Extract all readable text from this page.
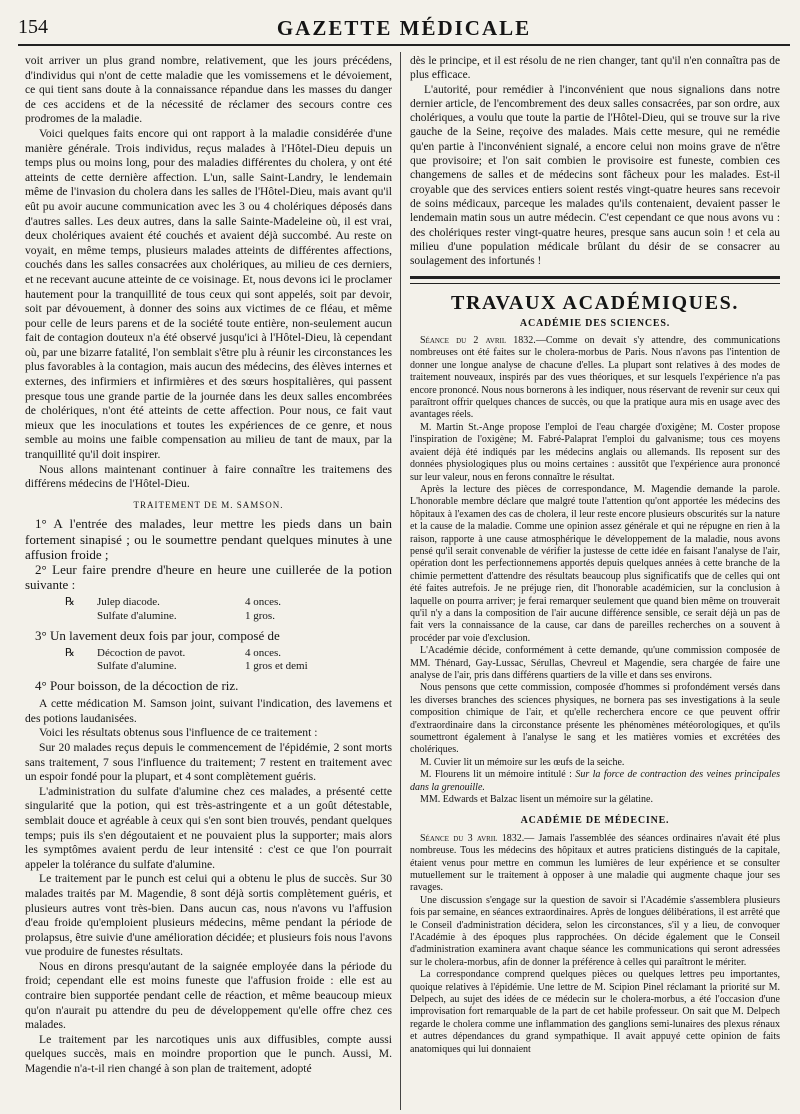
154	GAZETTE MÉDICALE

voit arriver un plus grand nombre, relativement, que les jours précédens, d'individus qui n'ont de cette maladie que les vomissemens et le dévoiement, ce qui tient sans doute à la connaissance répandue dans les masses du danger de ces accidens et de la nécessité de réclamer des secours contre ces prodromes de la maladie.

Voici quelques faits encore qui ont rapport à la maladie considérée d'une manière générale. Trois individus, reçus malades à l'Hôtel-Dieu depuis un temps plus ou moins long, pour des maladies différentes du cholera, y ont été atteints de cette dernière affection. L'un, salle Saint-Landry, le lendemain même de l'invasion du cholera dans les salles de l'Hôtel-Dieu, mais avant qu'il eût pu avoir aucune communication avec les 3 ou 4 cholériques déposés dans d'autres salles. Les deux autres, dans la salle Sainte-Madeleine où, il est vrai, deux cholériques avaient été couchés et avaient déjà succombé. Au reste on voyait, en même temps, plusieurs malades atteints de différentes affections, couchés dans les salles consacrées aux cholériques, au milieu de ces derniers, et ne recevant aucune atteinte de ce voisinage. Et, nous devons ici le proclamer hautement pour la tranquillité de tous ceux qui sont appelés, soit par devoir, soit par dévouement, à donner des soins aux victimes de ce fléau, et même pour celle de leurs parens et de la société toute entière, non-seulement aucun fait de contagion douteux n'a été observé jusqu'ici à l'Hôtel-Dieu, là cependant où, par une bizarre fatalité, l'on semblait s'être plu à réunir les circonstances les plus favorables à la contagion, mais aucun des médecins, des élèves internes et externes, des infirmiers et infirmières et des sœurs hospitalières, qui passent presque tous une grande partie de la journée dans les deux salles encombrées de cholériques, n'ont été atteints de cette affection. Pour nous, ce fait vaut mieux que les inoculations et toutes les expériences de ce genre, et nous semble au moins une faible compensation au milieu de tant de maux, par la tranquillité qu'il doit inspirer.

Nous allons maintenant continuer à faire connaître les traitemens des différens médecins de l'Hôtel-Dieu.

TRAITEMENT DE M. SAMSON.

1° A l'entrée des malades, leur mettre les pieds dans un bain fortement sinapisé ; ou le soumettre pendant quelques minutes à une affusion froide ;

2° Leur faire prendre d'heure en heure une cuillerée de la potion suivante :

℞	Julep diacode.	4 onces.
Sulfate d'alumine.	1 gros.

3° Un lavement deux fois par jour, composé de

℞	Décoction de pavot.	4 onces.
Sulfate d'alumine.	1 gros et demi

4° Pour boisson, de la décoction de riz.

A cette médication M. Samson joint, suivant l'indication, des lavemens et des potions laudanisées.

Voici les résultats obtenus sous l'influence de ce traitement :

Sur 20 malades reçus depuis le commencement de l'épidémie, 2 sont morts sans traitement, 7 sous l'influence du traitement; 7 restent en traitement avec un espoir fondé pour la plupart, et 4 sont complètement guéris.

L'administration du sulfate d'alumine chez ces malades, a présenté cette singularité que la potion, qui est très-astringente et a un goût détestable, semblait douce et agréable à ceux qui s'en sont bien trouvés, pendant quelques temps; puis ils s'en dégoutaient et ne pouvaient plus la supporter; mais alors les symptômes avaient perdu de leur intensité : c'est ce que l'on pourrait appeler la tolérance du sulfate d'alumine.

Le traitement par le punch est celui qui a obtenu le plus de succès. Sur 30 malades traités par M. Magendie, 8 sont déjà sortis complètement guéris, et plusieurs autres vont très-bien. Dans aucun cas, nous n'avons vu l'affusion d'eau froide qu'emploient plusieurs médecins, même pendant la période de prolapsus, être suivie d'une amélioration décidée; et plusieurs fois nous l'avons vue produire de funestes résultats.

Nous en dirons presqu'autant de la saignée employée dans la période du froid; cependant elle est moins funeste que l'affusion froide : elle est au contraire bien supportée pendant celle de réaction, et même beaucoup mieux qu'on n'aurait pu attendre du peu de développement qu'elle offre chez ces malades.

Le traitement par les narcotiques unis aux diffusibles, compte aussi quelques succès, mais en moindre proportion que le punch. Aussi, M. Magendie n'a-t-il rien changé à son plan de traitement, adopté

dès le principe, et il est résolu de ne rien changer, tant qu'il n'en connaîtra pas de plus efficace.

L'autorité, pour remédier à l'inconvénient que nous signalions dans notre dernier article, de l'encombrement des deux salles consacrées, par son ordre, aux cholériques, a voulu que toute la partie de l'Hôtel-Dieu, qui se trouve sur la rive gauche de la Seine, reçoive des malades. Mais cette mesure, qui ne remédie qu'en partie à l'inconvénient signalé, a encore celui non moins grave de n'être que provisoire; et l'on sait combien le provisoire est funeste, combien ces changemens de salles et de médecins sont fâcheux pour les malades. Est-il croyable que des services entiers soient restés vingt-quatre heures sans recevoir de soins médicaux, parceque les malades qu'ils contenaient, devaient passer le lendemain matin sous un autre médecin. C'est cependant ce que nous avons vu : des cholériques rester vingt-quatre heures, presque sans aucun soin ! et cela au milieu d'une population médicale brûlant du désir de se consacrer au soulagement des infortunés !

TRAVAUX ACADÉMIQUES.
ACADÉMIE DES SCIENCES.

Séance du 2 avril 1832.—Comme on devait s'y attendre, des communications nombreuses ont été faites sur le cholera-morbus de Paris. Nous n'avons pas l'intention de donner une longue analyse de chacune d'elles. La plupart sont relatives à des modes de traitement nouveaux, inspirés par des vues théoriques, et sur lesquels l'expérience n'a pas encore prononcé. Nous nous bornerons à les indiquer, nous réservant de revenir sur ceux qui paraîtront offrir quelques chances de succès, ou que la pratique aura mis en usage avec des avantages réels.

M. Martin St.-Ange propose l'emploi de l'eau chargée d'oxigène; M. Coster propose l'inspiration de l'oxigène; M. Fabré-Palaprat l'emploi du galvanisme; tous ces moyens avaient déjà été indiqués par les médecins anglais ou allemands. Ils reposent sur des données physiologiques plus ou moins certaines : aussitôt que l'expérience aura prononcé sur leur valeur, nous en ferons connaître le résultat.

Après la lecture des pièces de correspondance, M. Magendie demande la parole. L'honorable membre déclare que malgré toute l'attention qu'ont apportée les médecins des hôpitaux à l'examen des cas de cholera, il leur reste encore plusieurs obscurités sur la nature et la cause de la maladie. Comme une opinion assez générale et qui ne répugne en rien à la raison, rapporte à une cause atmosphérique le développement de la maladie, nous avons pensé qu'il serait convenable de vérifier la justesse de cette idée en faisant l'analyse de l'air, opération dont les perfectionnemens apportés depuis quelques années à cette branche de la chimie permettent d'attendre des résultats beaucoup plus significatifs que de celles qui ont été faites autrefois. Je ne préjuge rien, dit l'honorable académicien, sur la conclusion à laquelle on pourra arriver; je ferai remarquer seulement que quand bien même on trouverait qu'il n'y a dans la composition de l'air aucune différence sensible, ce serait déjà un pas de fait vers la connaissance de la cause, car dans de pareilles recherches on a souvent à procéder par voie d'exclusion.

L'Académie décide, conformément à cette demande, qu'une commission composée de MM. Thénard, Gay-Lussac, Sérullas, Chevreul et Magendie, sera chargée de faire une analyse de l'air, pris dans différens quartiers de la ville et dans ses environs.

Nous pensons que cette commission, composée d'hommes si profondément versés dans les diverses branches des sciences physiques, ne bornera pas ses investigations à la seule composition chimique de l'air, et qu'elle recherchera encore ce que peuvent offrir d'extraordinaire dans la circonstance présente les phénomènes météorologiques, et qu'ils soumettront également à l'analyse le sang et les matières vomies et excrétées des cholériques.

M. Cuvier lit un mémoire sur les œufs de la seiche.

M. Flourens lit un mémoire intitulé : Sur la force de contraction des veines principales dans la grenouille.

MM. Edwards et Balzac lisent un mémoire sur la gélatine.

ACADÉMIE DE MÉDECINE.

Séance du 3 avril 1832.— Jamais l'assemblée des séances ordinaires n'avait été plus nombreuse. Tous les médecins des hôpitaux et autres praticiens distingués de la capitale, étaient venus pour mettre en commun les lumières de leur expérience et se consulter mutuellement sur le traitement à opposer à une maladie qui augmente chaque jour ses ravages.

Une discussion s'engage sur la question de savoir si l'Académie s'assemblera plusieurs fois par semaine, en séances extraordinaires. Après de longues délibérations, il est arrêté que le Conseil d'administration décidera, selon les circonstances, s'il y a lieu, de convoquer l'Académie à des époques plus rapprochées. On décide également que le Conseil d'administration examinera avant chaque séance les communications qui seront adressées sur le cholera-morbus, afin de donner la préférence à celles qui paraîtront le mériter.

La correspondance comprend quelques pièces ou quelques lettres peu importantes, quoique relatives à l'épidémie. Une lettre de M. Scipion Pinel réclamant la priorité sur M. Delpech, au sujet des idées de ce médecin sur le cholera-morbus, a été l'occasion d'une improvisation fort remarquable de la part de cet habile professeur. On sait que M. Delpech regarde le cholera comme une inflammation des ganglions semi-lunaires des plexus rénaux et autres dépendances du grand sympathique. Il avait appuyé cette opinion de faits anatomiques qui lui donnaient
